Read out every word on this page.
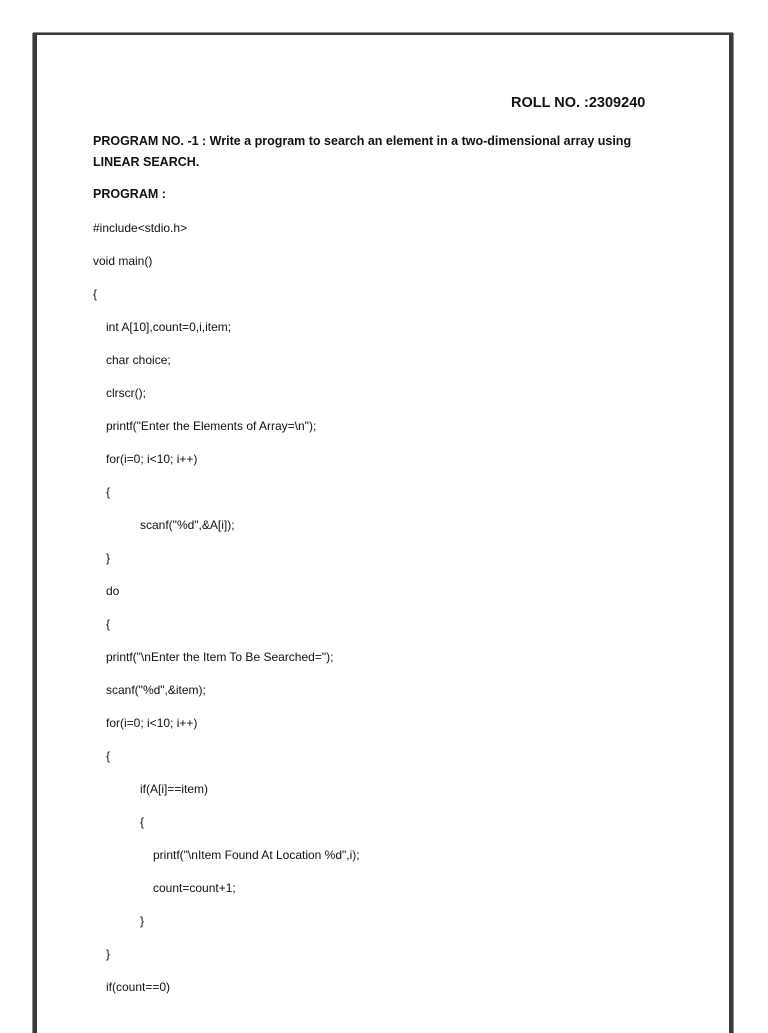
ROLL NO. :2309240
PROGRAM NO. -1 : Write a program to search an element in a two-dimensional array using LINEAR SEARCH.
PROGRAM :
#include<stdio.h>
void main()
{
int A[10],count=0,i,item;
char choice;
clrscr();
printf("Enter the Elements of Array=\n");
for(i=0; i<10; i++)
{
scanf("%d",&A[i]);
}
do
{
printf("\nEnter the Item To Be Searched=");
scanf("%d",&item);
for(i=0; i<10; i++)
{
if(A[i]==item)
{
printf("\nItem Found At Location %d",i);
count=count+1;
}
}
if(count==0)
